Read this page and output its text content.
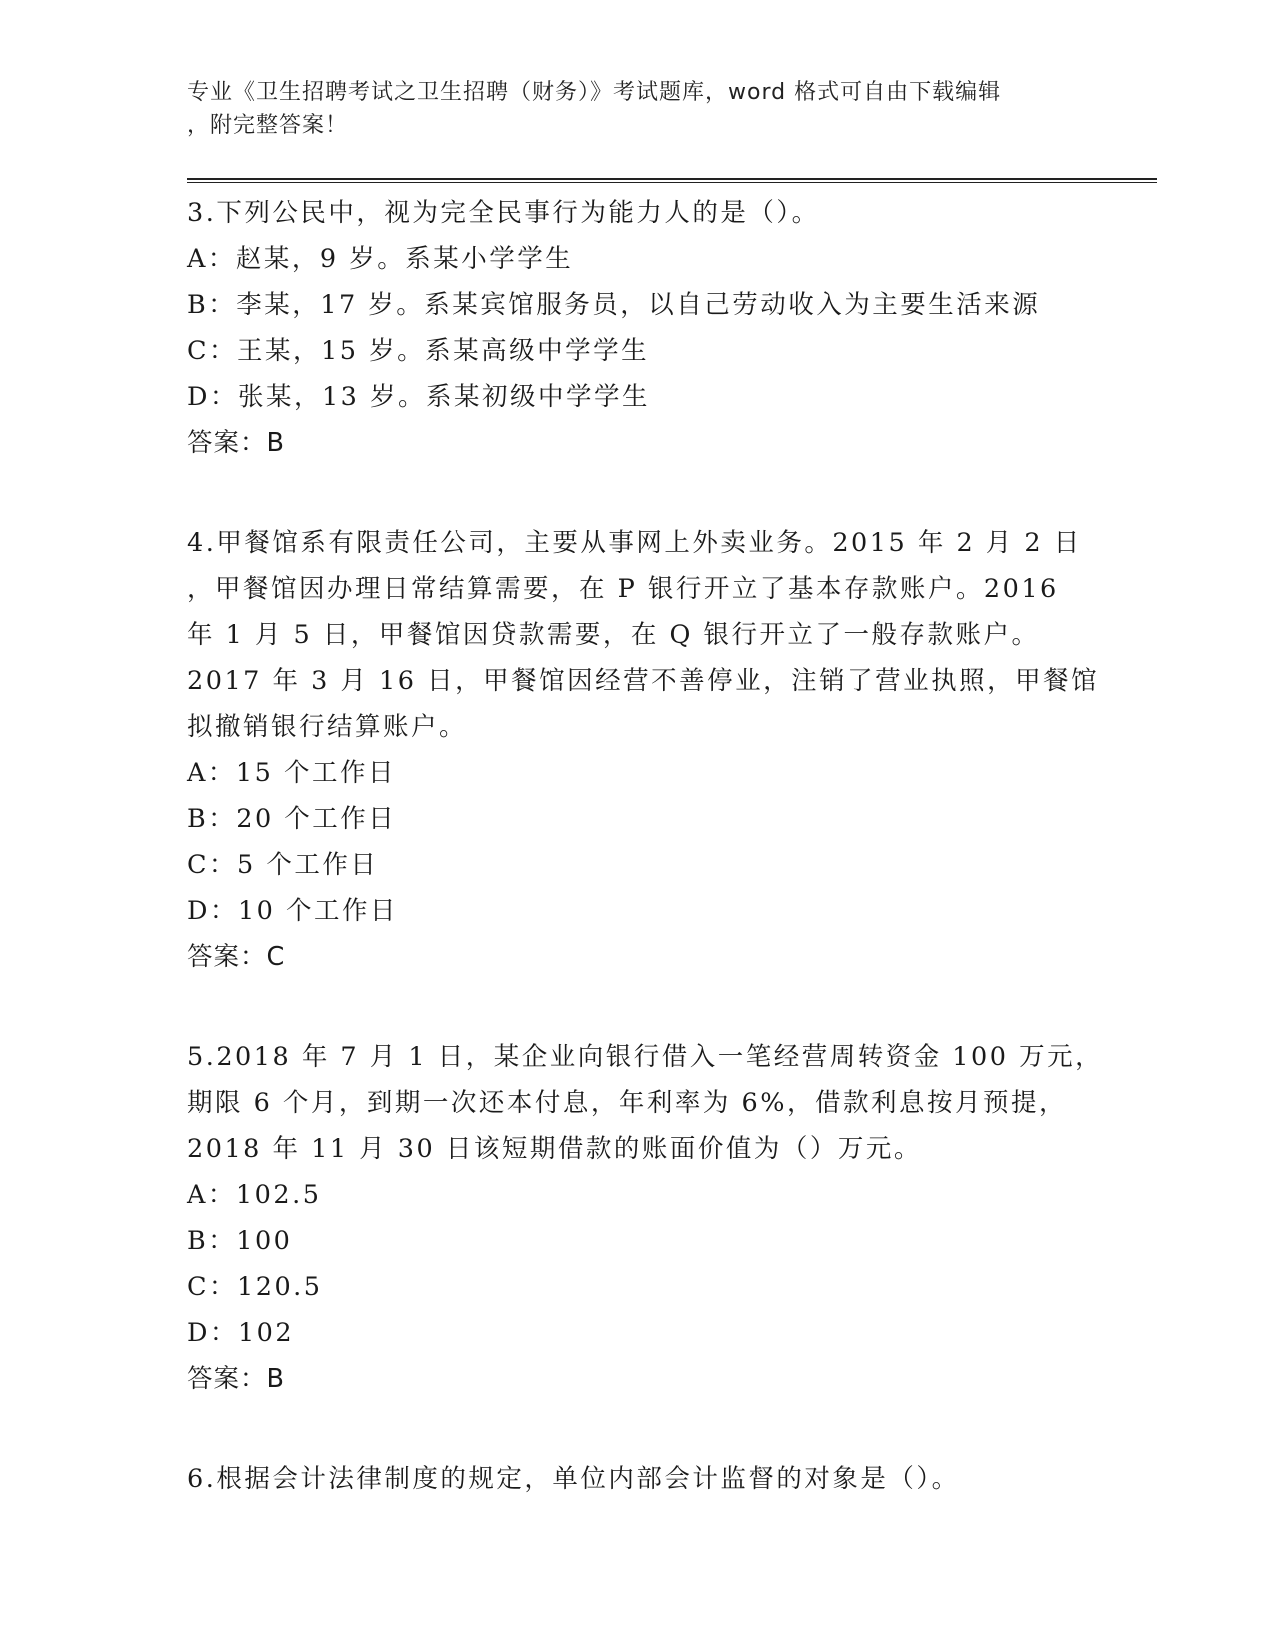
专业《卫生招聘考试之卫生招聘（财务）》考试题库，word 格式可自由下载编辑
，附完整答案！
3.下列公民中，视为完全民事行为能力人的是（）。
A：赵某，9 岁。系某小学学生
B：李某，17 岁。系某宾馆服务员，以自己劳动收入为主要生活来源
C：王某，15 岁。系某高级中学学生
D：张某，13 岁。系某初级中学学生
答案：B
4.甲餐馆系有限责任公司，主要从事网上外卖业务。2015 年 2 月 2 日
，甲餐馆因办理日常结算需要，在 P 银行开立了基本存款账户。2016
年 1 月 5 日，甲餐馆因贷款需要，在 Q 银行开立了一般存款账户。
2017 年 3 月 16 日，甲餐馆因经营不善停业，注销了营业执照，甲餐馆
拟撤销银行结算账户。
A：15 个工作日
B：20 个工作日
C：5 个工作日
D：10 个工作日
答案：C
5.2018 年 7 月 1 日，某企业向银行借入一笔经营周转资金 100 万元，
期限 6 个月，到期一次还本付息，年利率为 6%，借款利息按月预提，
2018 年 11 月 30 日该短期借款的账面价值为（）万元。
A：102.5
B：100
C：120.5
D：102
答案：B
6.根据会计法律制度的规定，单位内部会计监督的对象是（）。
